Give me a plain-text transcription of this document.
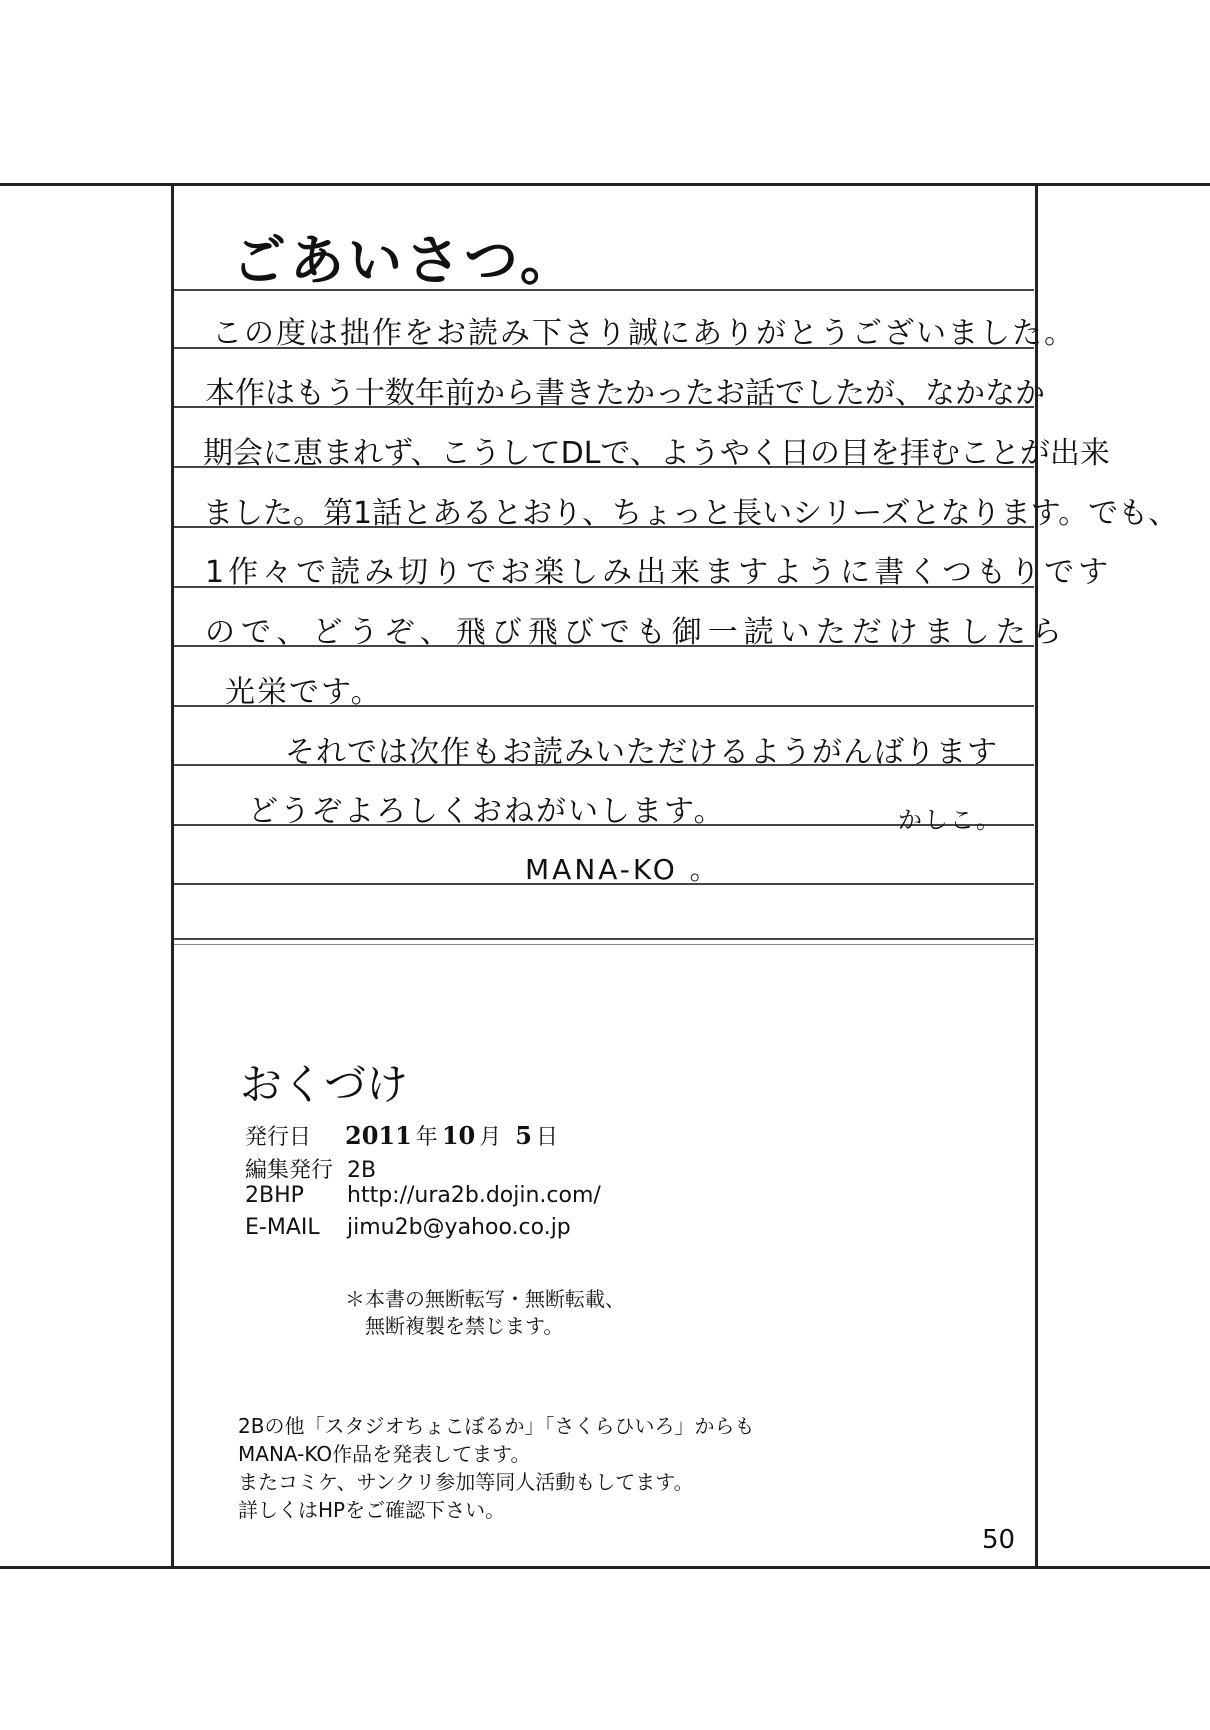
ごあいさつ。
この度は拙作をお読み下さり誠にありがとうございました。
本作はもう十数年前から書きたかったお話でしたが、なかなか
期会に恵まれず、こうしてDLで、ようやく日の目を拝むことが出来
ました。第1話とあるとおり、ちょっと長いシリーズとなります。でも、
1作々で読み切りでお楽しみ出来ますように書くつもりです
ので、どうぞ、飛び飛びでも御一読いただけましたら
光栄です。
それでは次作もお読みいただけるようがんばります
どうぞよろしくおねがいします。	かしこ。
MANA-KO 。
おくづけ
発行日 2011 年 10 月 5 日
編集発行 2B
2BHP http://ura2b.dojin.com/
E-MAIL jimu2b@yahoo.co.jp
＊本書の無断転写・無断転載、
無断複製を禁じます。
2Bの他「スタジオちょこぼるか」「さくらひいろ」からも
MANA-KO作品を発表してます。
またコミケ、サンクリ参加等同人活動もしてます。
詳しくはHPをご確認下さい。
50
